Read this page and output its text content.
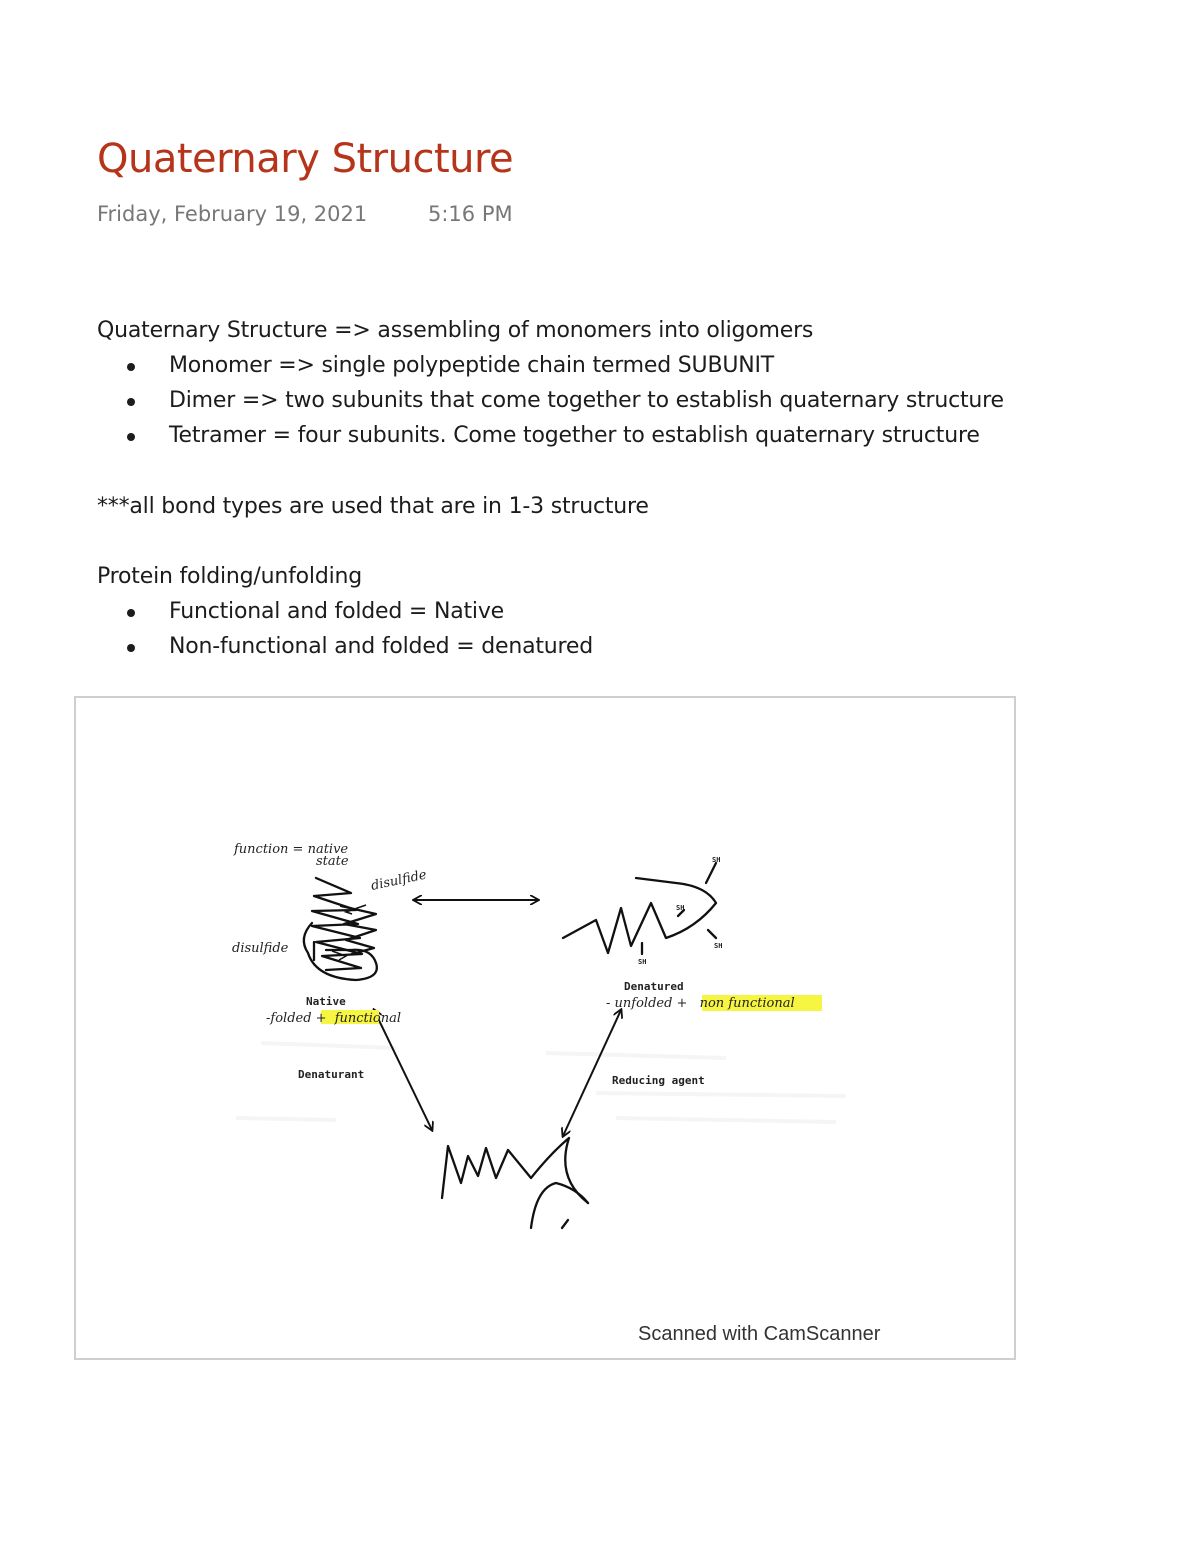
Quaternary Structure
Friday, February 19, 2021	5:16 PM
Quaternary Structure => assembling of monomers into oligomers
Monomer => single polypeptide chain termed SUBUNIT
Dimer => two subunits that come together to establish quaternary structure
Tetramer = four subunits. Come together to establish quaternary structure
***all bond types are used that are in 1-3 structure
Protein folding/unfolding
Functional and folded = Native
Non-functional and folded = denatured
SH
SH
SH
SH
function = native
state
disulfide
disulfide
Native
-folded + functional
Denatured
- unfolded + non functional
Denaturant	Reducing agent
Scanned with CamScanner
